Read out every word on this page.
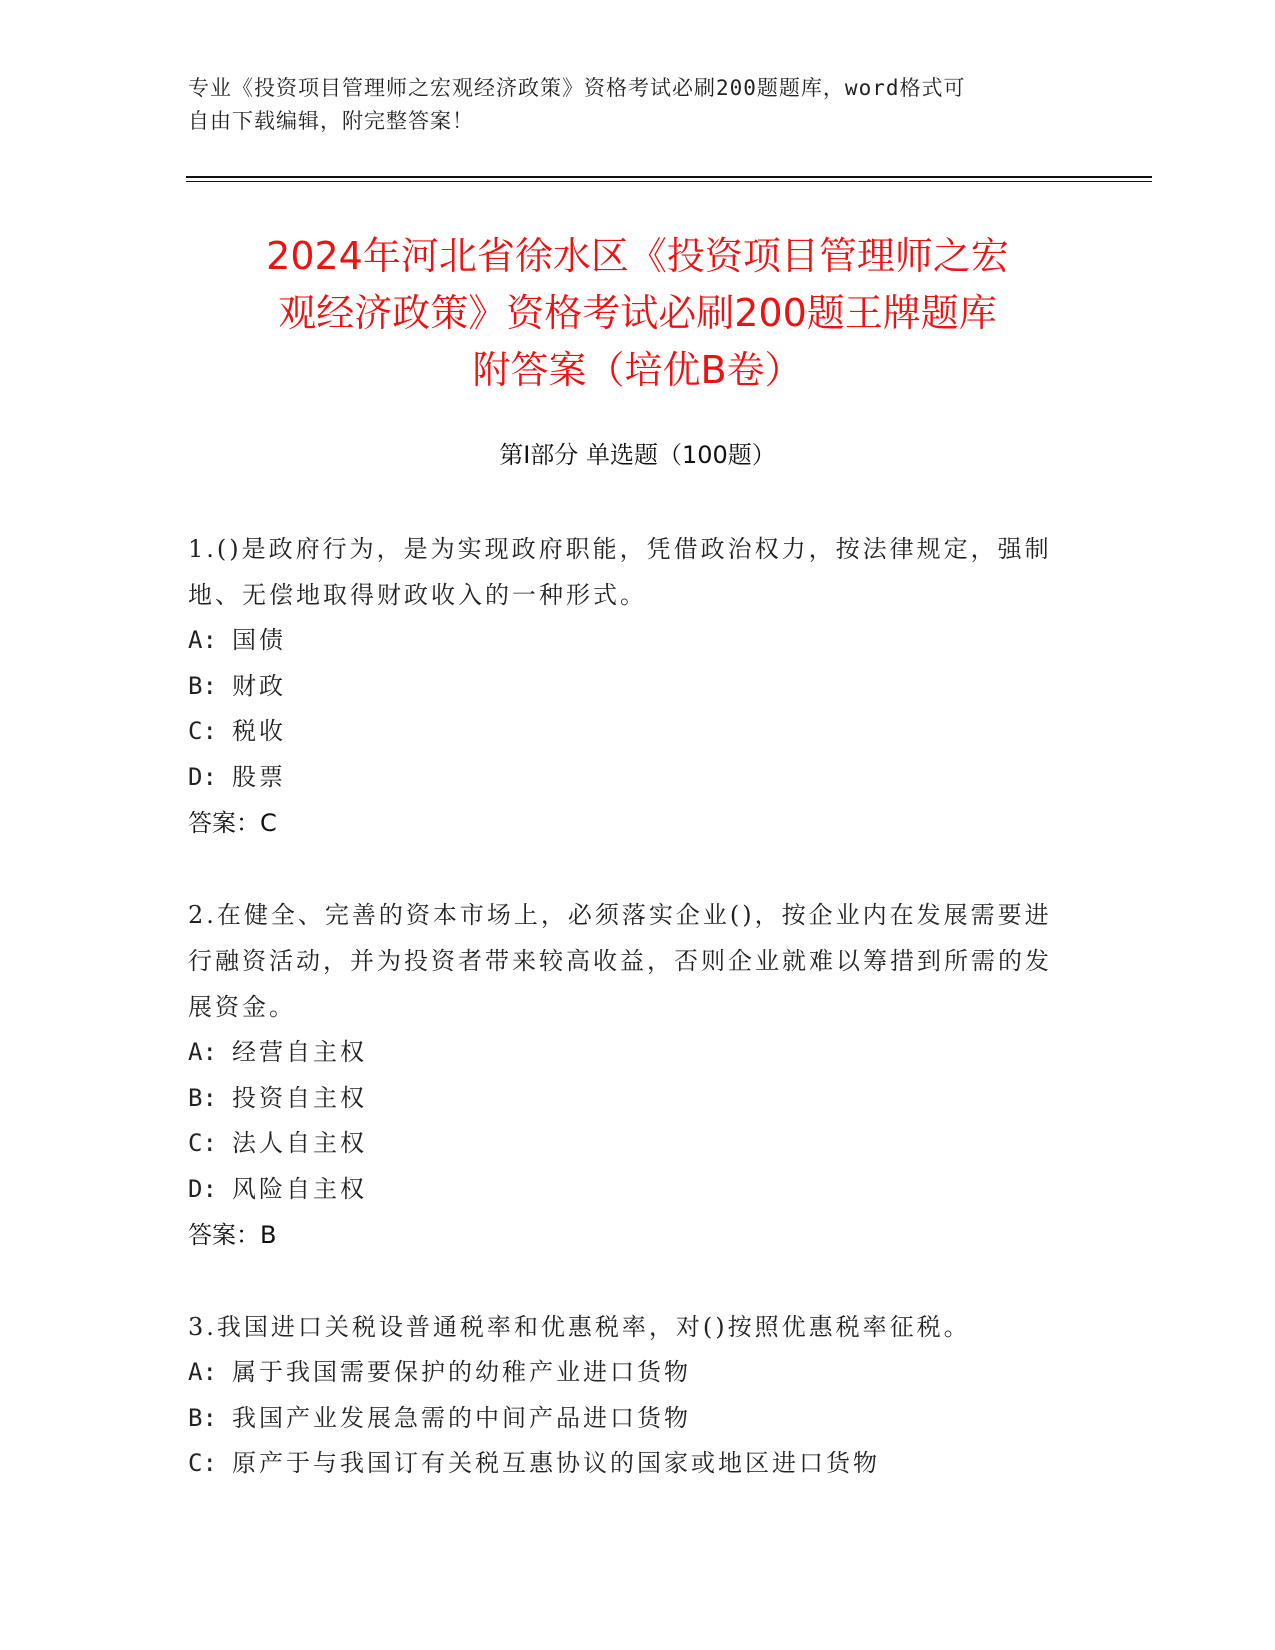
专业《投资项目管理师之宏观经济政策》资格考试必刷200题题库，word格式可
自由下载编辑，附完整答案！
2024年河北省徐水区《投资项目管理师之宏
观经济政策》资格考试必刷200题王牌题库
附答案（培优B卷）
第Ⅰ部分 单选题（100题）
1.()是政府行为，是为实现政府职能，凭借政治权力，按法律规定，强制地、无偿地取得财政收入的一种形式。
A: 国债
B: 财政
C: 税收
D: 股票
答案：C
2.在健全、完善的资本市场上，必须落实企业()，按企业内在发展需要进行融资活动，并为投资者带来较高收益，否则企业就难以筹措到所需的发展资金。
A: 经营自主权
B: 投资自主权
C: 法人自主权
D: 风险自主权
答案：B
3.我国进口关税设普通税率和优惠税率，对()按照优惠税率征税。
A: 属于我国需要保护的幼稚产业进口货物
B: 我国产业发展急需的中间产品进口货物
C: 原产于与我国订有关税互惠协议的国家或地区进口货物
